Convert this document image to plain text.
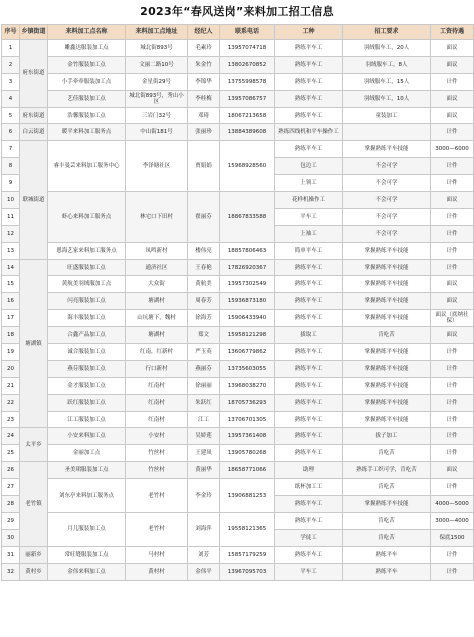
2023年“春风送岗”来料加工招工信息
序号	乡镇街道	来料加工点名称	来料加工点地址	经纪人	联系电话	工种	招工要求	工资待遇
1	府东街道	雕鑫达服装加工点	城北街893号	毛素玲	13957074718	熟练平车工	羽绒服车工，20人	面议
2		金竹服装加工点	文丽二路10号	朱金竹	13802670852	熟练平车工	羽绒服车工，8人	面议
3		小手牵牵服装加工点	金星街29号	李锦华	13755998578	熟练平车工	羽绒服车工，15人	计件
4		艺佳服装加工点	城北街893号，秀山小区	李桂梅	13957086757	熟练平车工	羽绒服车工，10人	面议
5	府东街道	浩馨服装加工点	三岩门32号	邓琦	18067213658	熟练平车工	童装加工	面议
6	白云街道	暖平来料加工服务点	中山街181号	张丽珍	13884389608	熟练四线机和平车操作工		计件
7	联城街道	睿丰曼芸来料加工服务中心	李泽塘社区	贾娟娟	15968928560	熟练平车工	掌握熟练平车技能	3000—6000
8						包边工	不会可学	计件
9						上领工	不会可学	计件
10		虾心来料加工服务点	林宅口下田村	翟丽芬	18867833588	花样机操作工	不会可学	面议
11						平车工	不会可学	计件
12						上袖工	不会可学	计件
13		恩海艺家来料加工服务点	凤鸣新村	楼伟亮	18857806463	简单平车工	掌握熟练平车技能	计件
14	塘湖镇	旺盛服装加工点	通济社区	王春艳	17826920367	熟练平车工	掌握熟练平车技能	计件
15		黄航美羽绒服加工点	大众街	黄航美	13957302549	熟练平车工	掌握熟练平车技能	面议
16		闪亮服装加工点	塘湖村	周春芳	15936873180	熟练平车工	掌握熟练平车技能	面议
17		海丰服装加工点	山坑塘下，魏村	徐海芳	15906433940	熟练平车工	掌握熟练平车技能	面议（底纳社保）
18		合鑫产品加工点	塘湖村	郑文	15958121298	拔取工	肯吃苦	面议
19		诚合服装加工点	红南，红新村	严玉英	13606779862	熟练平车工	掌握熟练平车技能	计件
20		燕芬服装加工点	行口新村	燕丽芬	13735603055	熟练平车工	掌握熟练平车技能	计件
21		金才服装加工点	红南村	徐丽丽	13968038270	熟练平车工	掌握熟练平车技能	计件
22		跃红服装加工点	红南村	朱跃红	18705736293	熟练平车工	掌握熟练平车技能	计件
23		江工服装加工点	红南村	江工	13706701305	熟练平车工	掌握熟练平车技能	计件
24	太平乡	小安来料加工点	小安村	吴娇莲	13957361408	熟练平车工	拔子加工	计件
25		金丽加工点	竹丝村	王建凤	13905780268	熟练平车工	肯吃苦	计件
26	老竹镇	圣美珺服装加工点	竹丝村	黄丽华	18658771066	助理	熟练手工织可学，肯吃苦	面议
27		刘东亭来料加工服务点	老竹村	李金玲	13906881253	纸杯加工工	肯吃苦	计件
28						熟练平车工	掌握熟练平车技能	4000—5000
29		月儿服装加工点	老竹村	刘海萍	19558121365	熟练平车工	肯吃苦	3000—4000
30						学徒工	肯吃苦	保底1500
31	丽新乡	常旺缝服装加工点	马村村	刘芳	15857179259	熟练平车工	熟练平车	计件
32	黄村乡	金伟来料加工点	黄村村	金伟平	13967095703	平车工	熟练平车	计件
